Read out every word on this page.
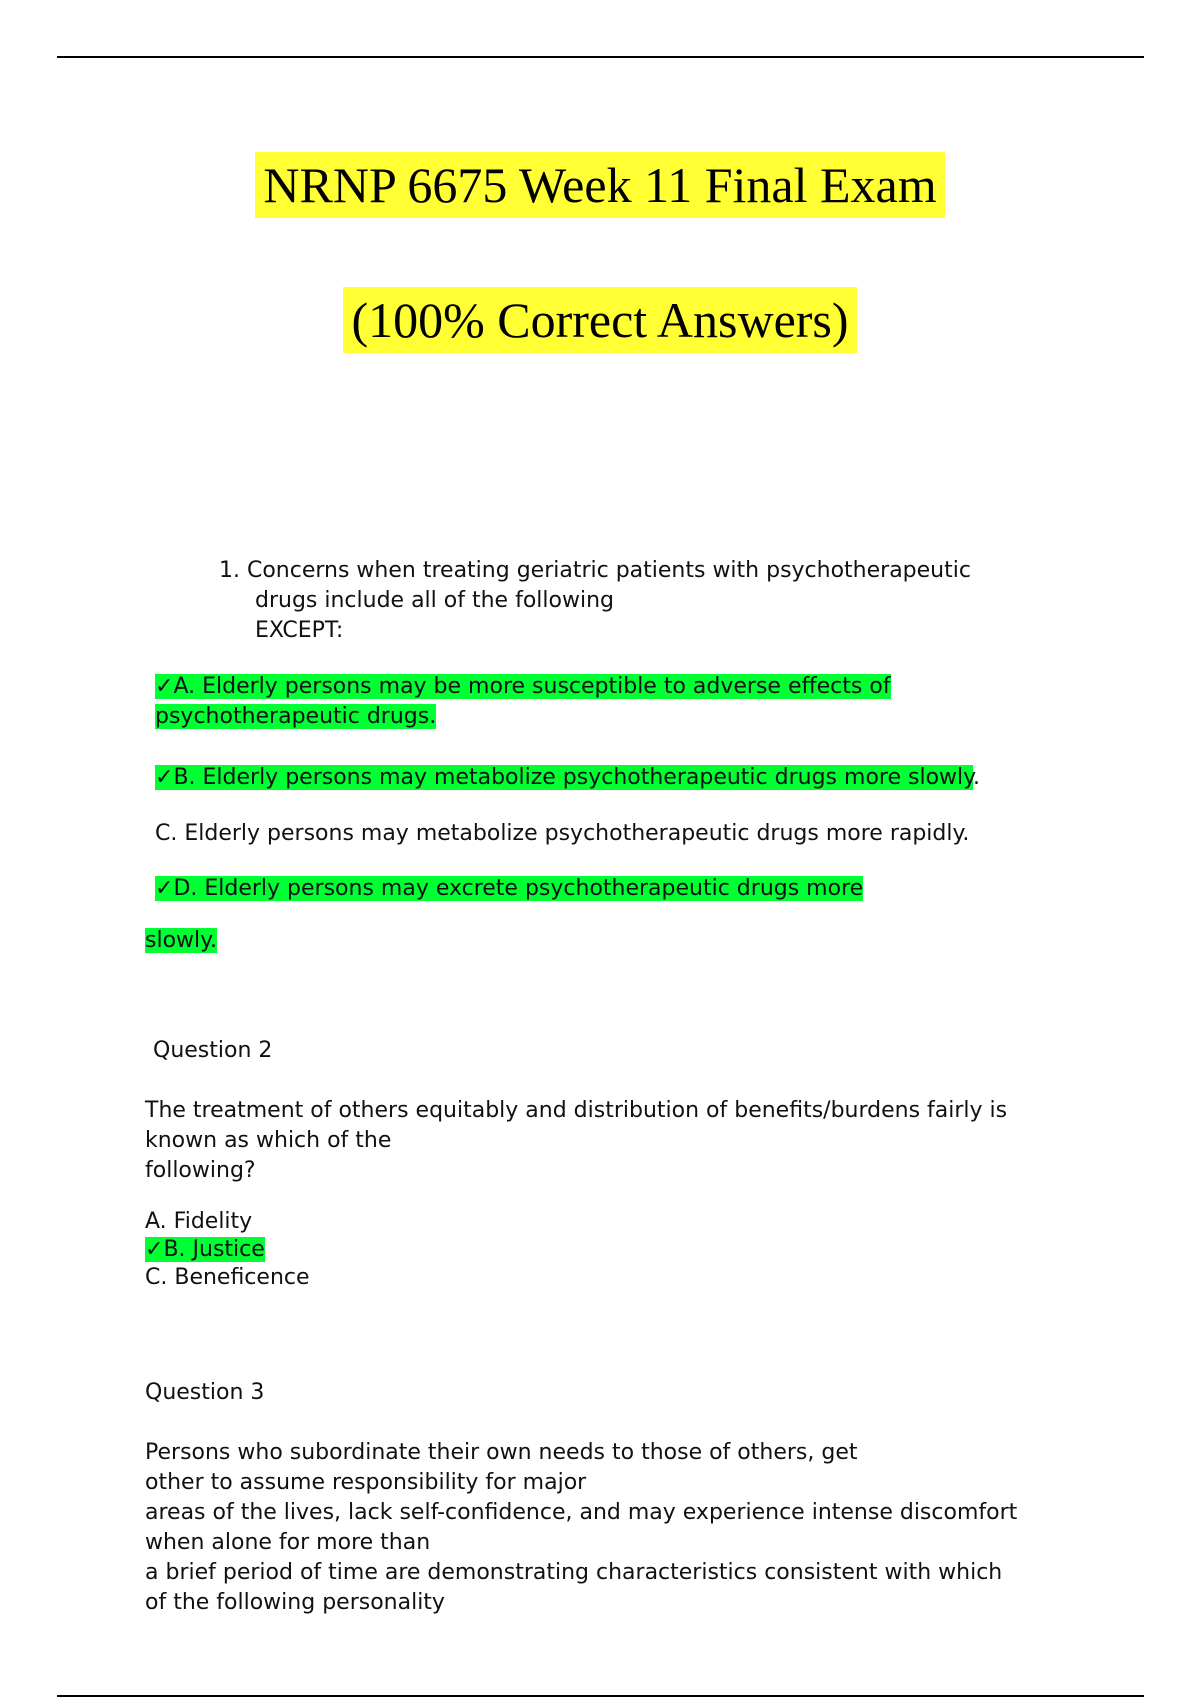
NRNP 6675 Week 11 Final Exam
(100% Correct Answers)
1. Concerns when treating geriatric patients with psychotherapeutic
drugs include all of the following
EXCEPT:
✓ A. Elderly persons may be more susceptible to adverse effects of
psychotherapeutic drugs.
✓ B. Elderly persons may metabolize psychotherapeutic drugs more slowly.
C. Elderly persons may metabolize psychotherapeutic drugs more rapidly.
✓ D. Elderly persons may excrete psychotherapeutic drugs more
slowly.
Question 2
The treatment of others equitably and distribution of benefits/burdens fairly is
known as which of the
following?
A. Fidelity
✓ B. Justice
C. Beneficence
Question 3
Persons who subordinate their own needs to those of others, get
other to assume responsibility for major
areas of the lives, lack self-confidence, and may experience intense discomfort
when alone for more than
a brief period of time are demonstrating characteristics consistent with which
of the following personality
